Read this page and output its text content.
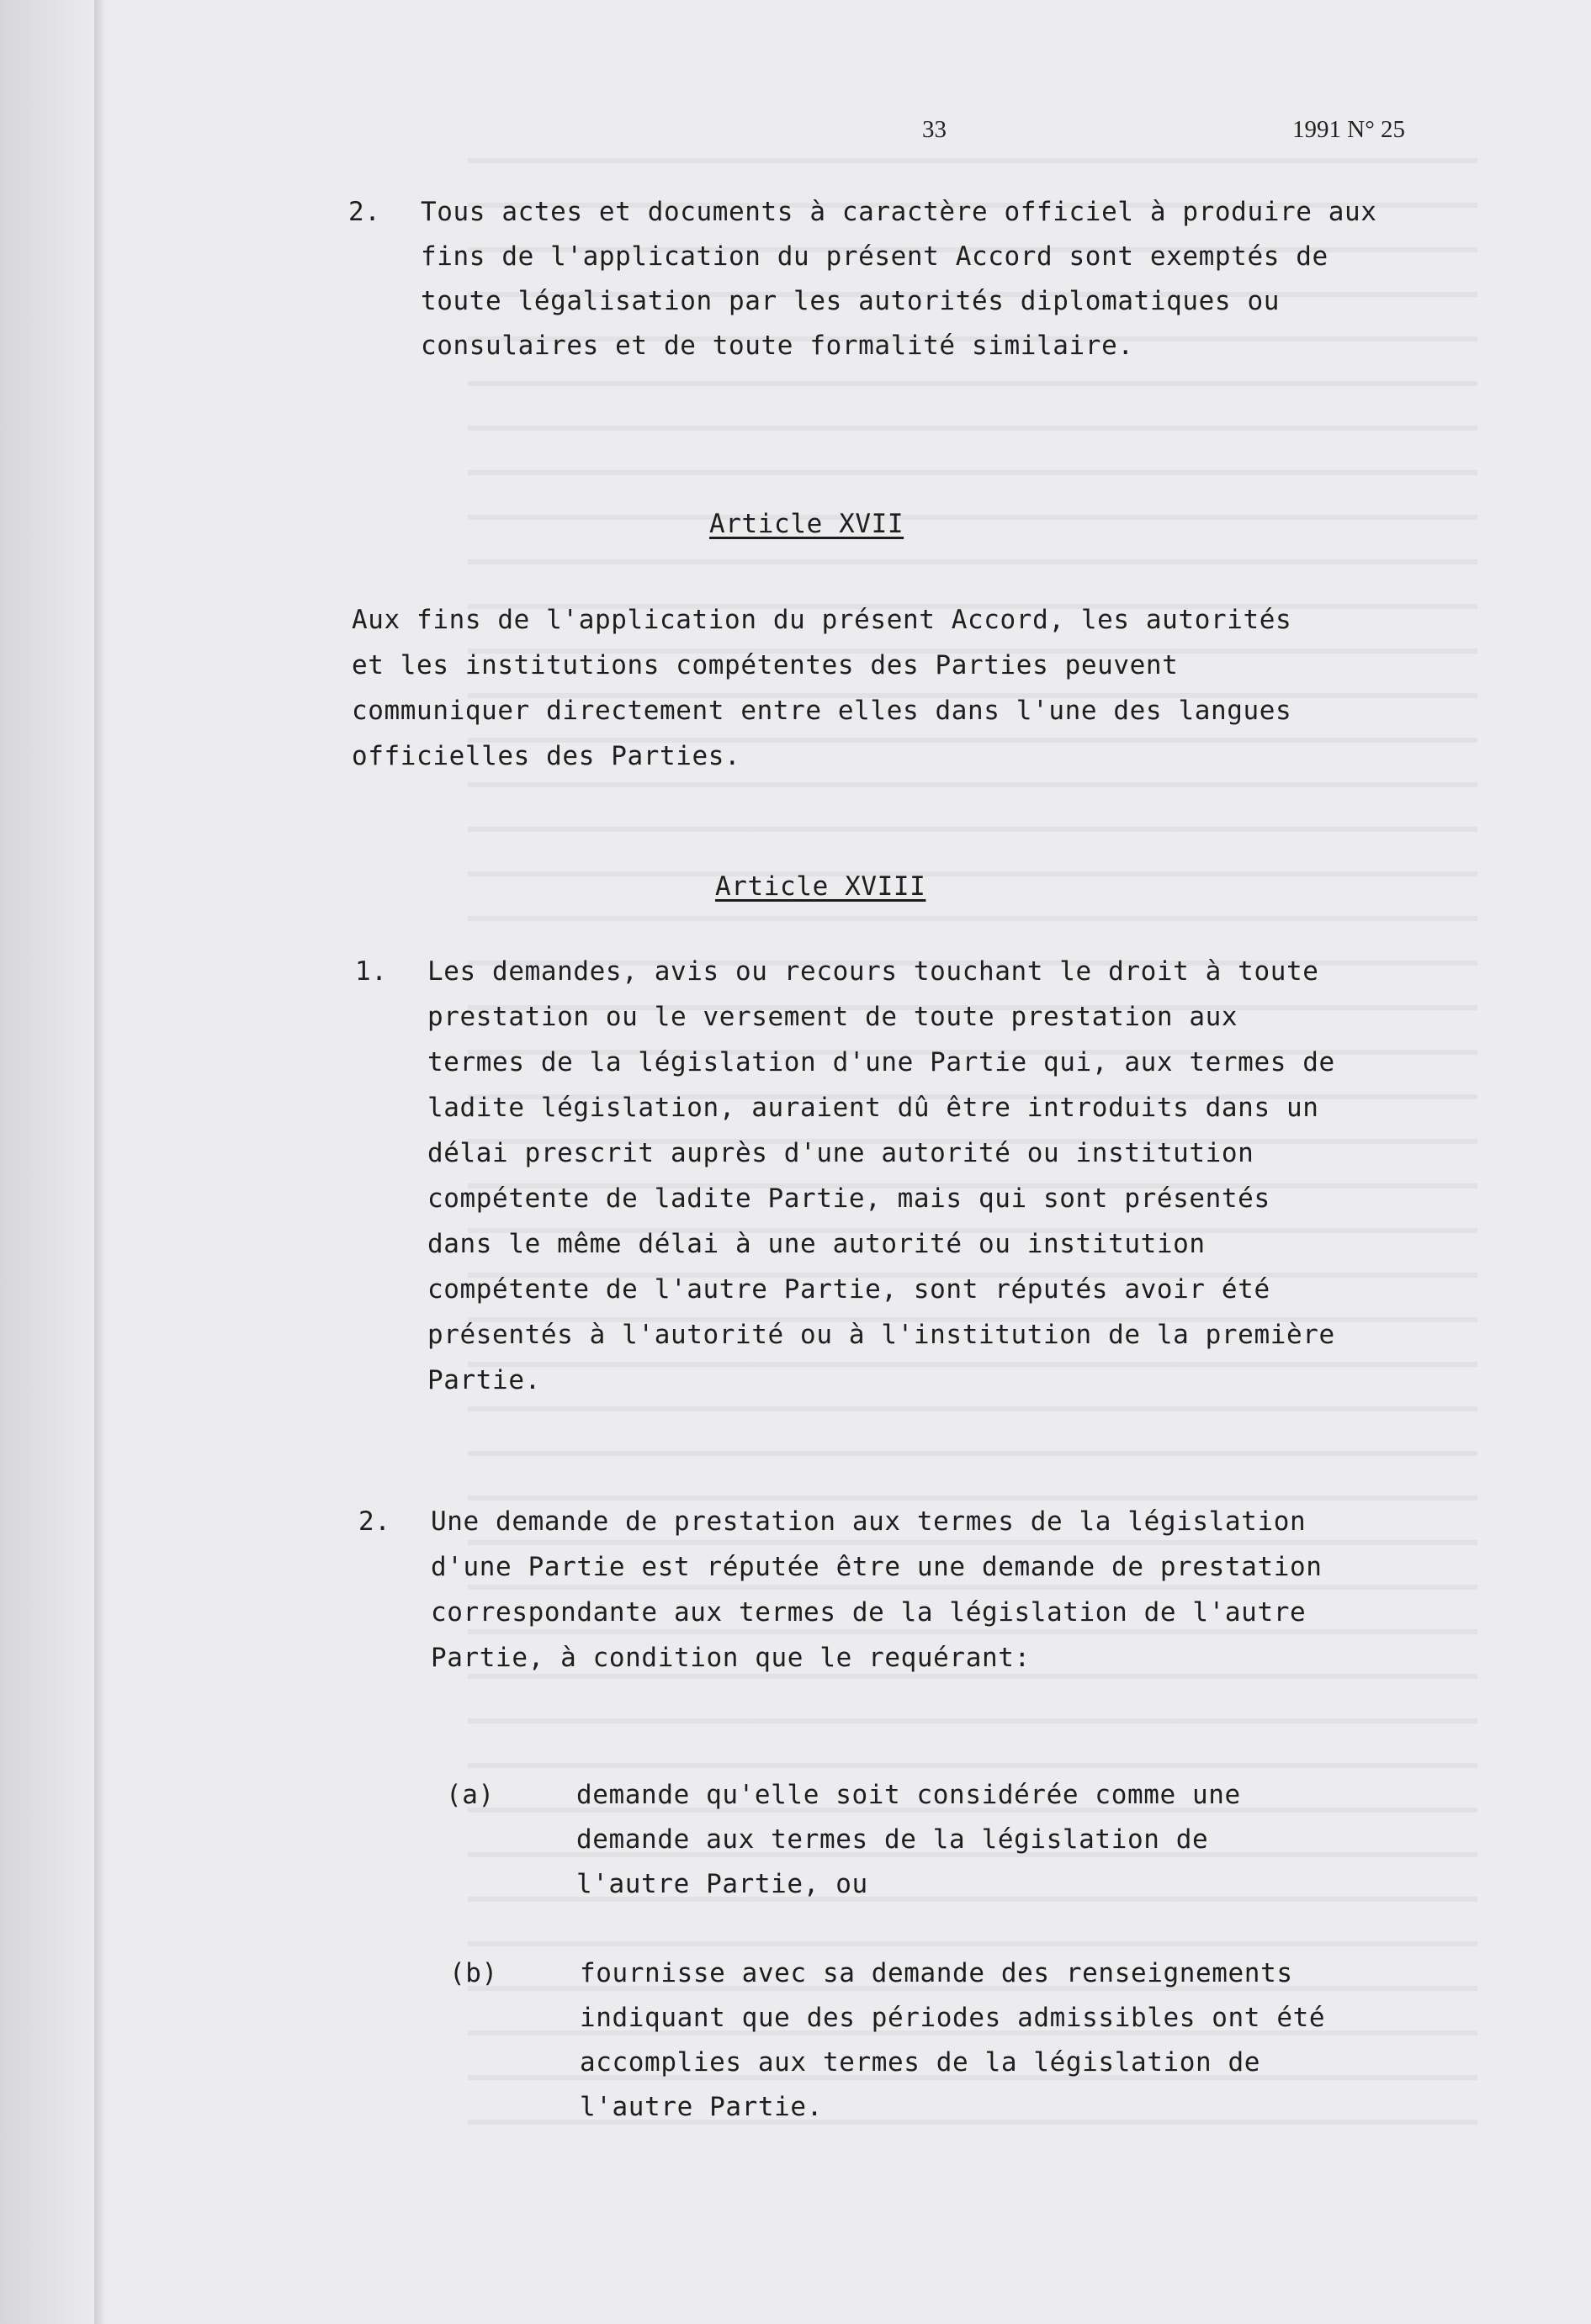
33	1991 N° 25
2. Tous actes et documents à caractère officiel à produire aux fins de l'application du présent Accord sont exemptés de toute légalisation par les autorités diplomatiques ou consulaires et de toute formalité similaire.
Article XVII
Aux fins de l'application du présent Accord, les autorités et les institutions compétentes des Parties peuvent communiquer directement entre elles dans l'une des langues officielles des Parties.
Article XVIII
1. Les demandes, avis ou recours touchant le droit à toute prestation ou le versement de toute prestation aux termes de la législation d'une Partie qui, aux termes de ladite législation, auraient dû être introduits dans un délai prescrit auprès d'une autorité ou institution compétente de ladite Partie, mais qui sont présentés dans le même délai à une autorité ou institution compétente de l'autre Partie, sont réputés avoir été présentés à l'autorité ou à l'institution de la première Partie.
2. Une demande de prestation aux termes de la législation d'une Partie est réputée être une demande de prestation correspondante aux termes de la législation de l'autre Partie, à condition que le requérant:
(a)	demande qu'elle soit considérée comme une demande aux termes de la législation de l'autre Partie, ou
(b)	fournisse avec sa demande des renseignements indiquant que des périodes admissibles ont été accomplies aux termes de la législation de l'autre Partie.
